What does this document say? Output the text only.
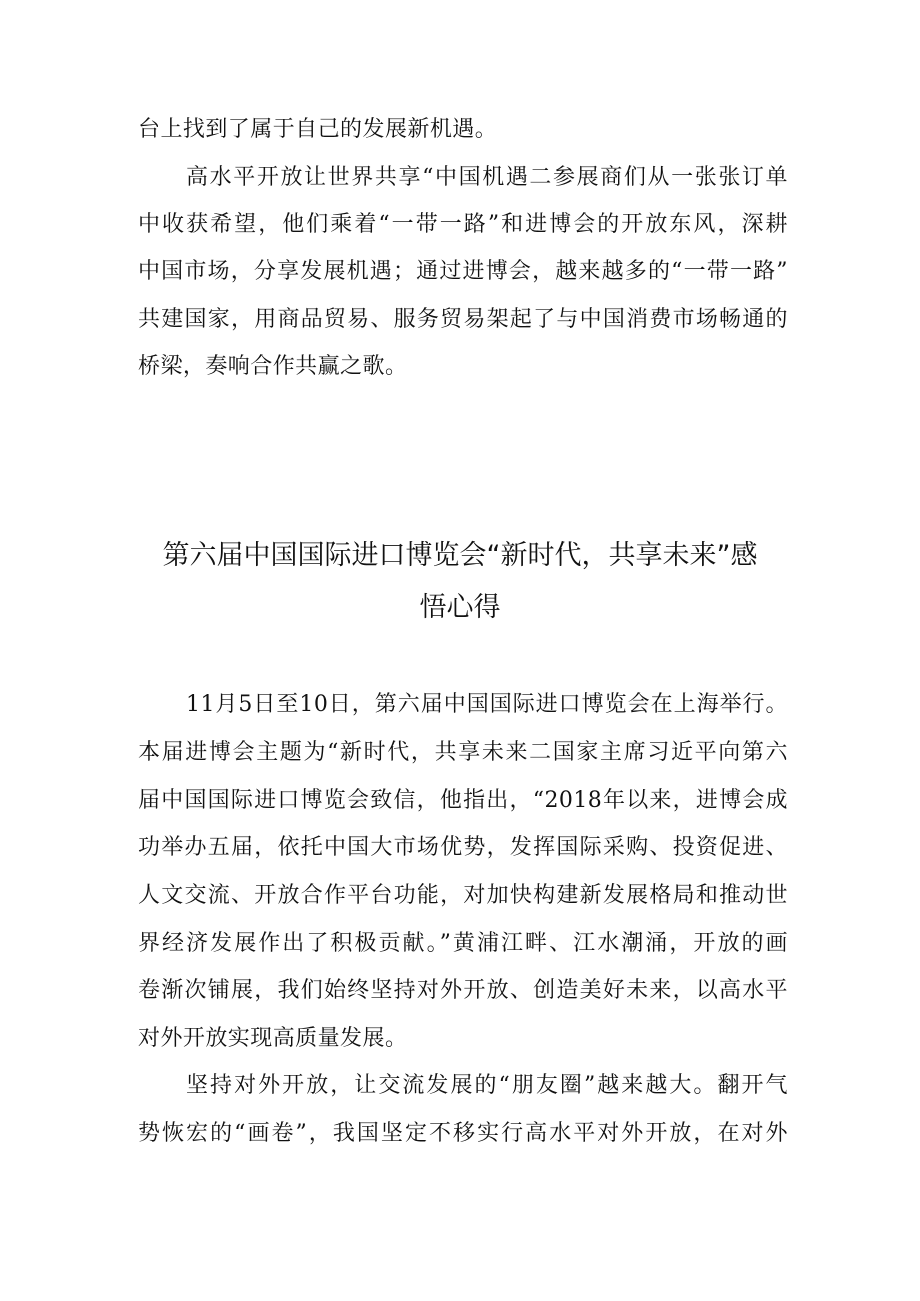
台上找到了属于自己的发展新机遇。
高水平开放让世界共享“中国机遇二参展商们从一张张订单
中收获希望，他们乘着“一带一路”和进博会的开放东风，深耕
中国市场，分享发展机遇；通过进博会，越来越多的“一带一路”
共建国家，用商品贸易、服务贸易架起了与中国消费市场畅通的
桥梁，奏响合作共赢之歌。
第六届中国国际进口博览会“新时代，共享未来”感
悟心得
11月5日至10日，第六届中国国际进口博览会在上海举行。
本届进博会主题为“新时代，共享未来二国家主席习近平向第六
届中国国际进口博览会致信，他指出，“2018年以来，进博会成
功举办五届，依托中国大市场优势，发挥国际采购、投资促进、
人文交流、开放合作平台功能，对加快构建新发展格局和推动世
界经济发展作出了积极贡献。”黄浦江畔、江水潮涌，开放的画
卷渐次铺展，我们始终坚持对外开放、创造美好未来，以高水平
对外开放实现高质量发展。
坚持对外开放，让交流发展的“朋友圈”越来越大。翻开气
势恢宏的“画卷”，我国坚定不移实行高水平对外开放，在对外
